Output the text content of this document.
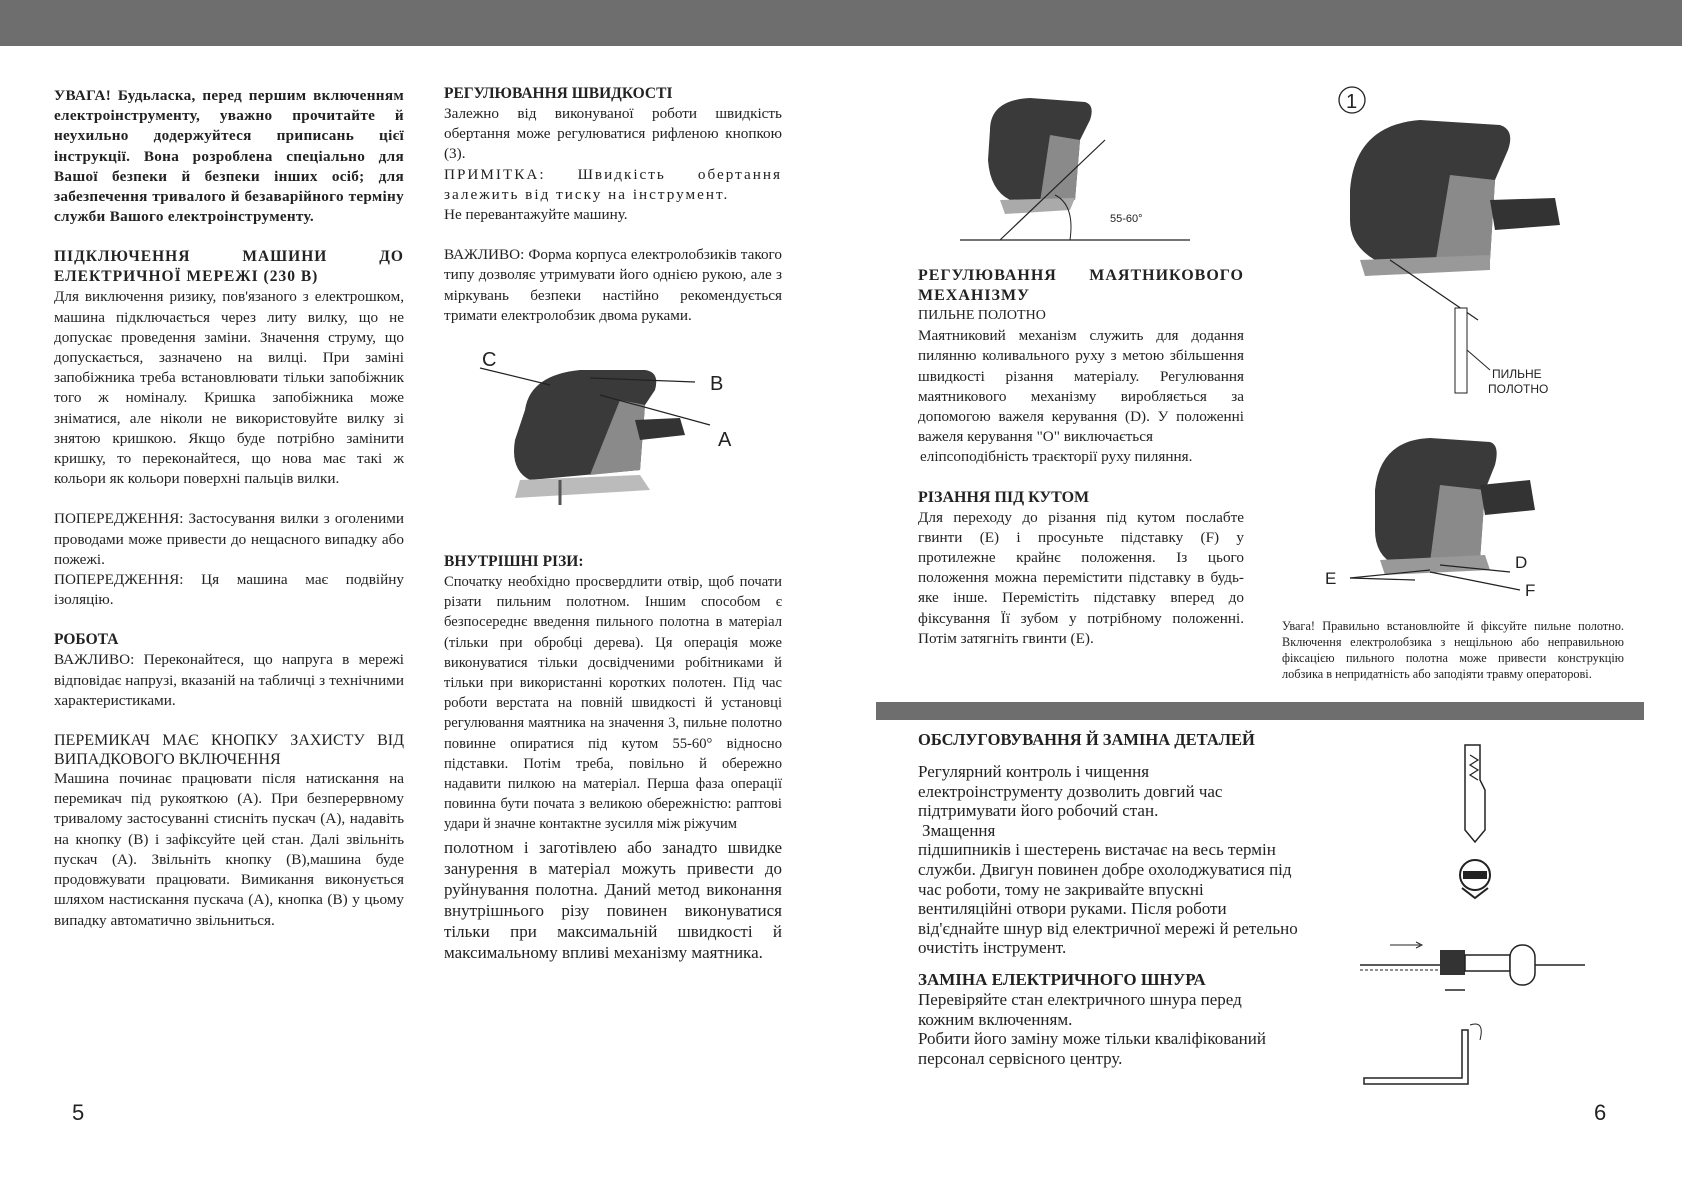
УВАГА! Будьласка, перед першим включенням електроінструменту, уважно прочитайте й неухильно додержуйтеся приписань цієї інструкції. Вона розроблена спеціально для Вашої безпеки й безпеки інших осіб; для забезпечення тривалого й безаварійного терміну служби Вашого електроінструменту.

ПІДКЛЮЧЕННЯ МАШИНИ ДО ЕЛЕКТРИЧНОЇ МЕРЕЖІ (230 В)

Для виключення ризику, пов'язаного з електрошком, машина підключається через литу вилку, що не допускає проведення заміни. Значення струму, що допускається, зазначено на вилці. При заміні запобіжника треба встановлювати тільки запобіжник того ж номіналу. Кришка запобіжника може зніматися, але ніколи не використовуйте вилку зі знятою кришкою. Якщо буде потрібно замінити кришку, то переконайтеся, що нова має такі ж кольори як кольори поверхні пальців вилки.

ПОПЕРЕДЖЕННЯ: Застосування вилки з оголеними проводами може привести до нещасного випадку або пожежі.

ПОПЕРЕДЖЕННЯ: Ця машина має подвійну ізоляцію.

РОБОТА

ВАЖЛИВО: Переконайтеся, що напруга в мережі відповідає напрузі, вказаній на табличці з технічними характеристиками.

ПЕРЕМИКАЧ МАЄ КНОПКУ ЗАХИСТУ ВІД ВИПАДКОВОГО ВКЛЮЧЕННЯ

Машина починає працювати після натискання на перемикач під рукояткою (А). При безперервному тривалому застосуванні стисніть пускач (А), надавіть на кнопку (В) і зафіксуйте цей стан. Далі звільніть пускач (А). Звільніть кнопку (В),машина буде продовжувати працювати. Вимикання виконується шляхом настискання пускача (А), кнопка (В) у цьому випадку автоматично звільниться.

РЕГУЛЮВАННЯ ШВИДКОСТІ

Залежно від виконуваної роботи швидкість обертання може регулюватися рифленою кнопкою (3).

ПРИМІТКА: Швидкість обертання залежить від тиску на інструмент.

Не перевантажуйте машину.

ВАЖЛИВО: Форма корпуса електролобзиків такого типу дозволяє утримувати його однією рукою, але з міркувань безпеки настійно рекомендується тримати електролобзик двома руками.

C
B
A
ВНУТРІШНІ РІЗИ:

Спочатку необхідно просвердлити отвір, щоб почати різати пильним полотном. Іншим способом є безпосереднє введення пильного полотна в матеріал (тільки при обробці дерева). Ця операція може виконуватися тільки досвідченими робітниками й тільки при використанні коротких полотен. Під час роботи верстата на повній швидкості й установці регулювання маятника на значення 3, пильне полотно повинне опиратися під кутом 55-60° відносно підставки. Потім треба, повільно й обережно надавити пилкою на матеріал. Перша фаза операції повинна бути початa з великою обережністю: раптові удари й значне контактне зусилля між ріжучим

полотном і заготівлею або занадто швидке занурення в матеріал можуть привести до руйнування полотна. Даний метод виконання внутрішнього різу повинен виконуватися тільки при максимальній швидкості й максимальному впливі механізму маятника.

55-60°
РЕГУЛЮВАННЯ МАЯТНИКОВОГО МЕХАНІЗМУ

ПИЛЬНЕ ПОЛОТНО

Маятниковий механізм служить для додання пилянню коливального руху з метою збільшення швидкості різання матеріалу. Регулювання маятникового механізму виробляється за допомогою важеля керування (D). У положенні важеля керування "О" виключається

еліпсоподібність траєкторії руху пиляння.

РІЗАННЯ ПІД КУТОМ

Для переходу до різання під кутом послабте гвинти (Е) і просуньте підставку (F) у протилежне крайнє положення. Із цього положення можна перемістити підставку в будь-яке інше. Перемістіть підставку вперед до фіксування Її зубом у потрібному положенні. Потім затягніть гвинти (Е).

1
ПИЛЬНЕ
ПОЛОТНО
D
E
F

Увага! Правильно встановлюйте й фіксуйте пильне полотно. Включення електролобзика з нещільною або неправильною фіксацією пильного полотна може привести конструкцію лобзика в непридатність або заподіяти травму операторові.

ОБСЛУГОВУВАННЯ Й ЗАМІНА ДЕТАЛЕЙ

Регулярний контроль і чищення електроінструменту дозволить довгий час підтримувати його робочий стан.

Змащення

підшипників і шестерень вистачає на весь термін служби. Двигун повинен добре охолоджуватися під час роботи, тому не закривайте впускні вентиляційні отвори руками. Після роботи від'єднайте шнур від електричної мережі й ретельно очистіть інструмент.

ЗАМІНА ЕЛЕКТРИЧНОГО ШНУРА

Перевіряйте стан електричного шнура перед кожним включенням.

Робити його заміну може тільки кваліфікований персонал сервісного центру.

5	6
